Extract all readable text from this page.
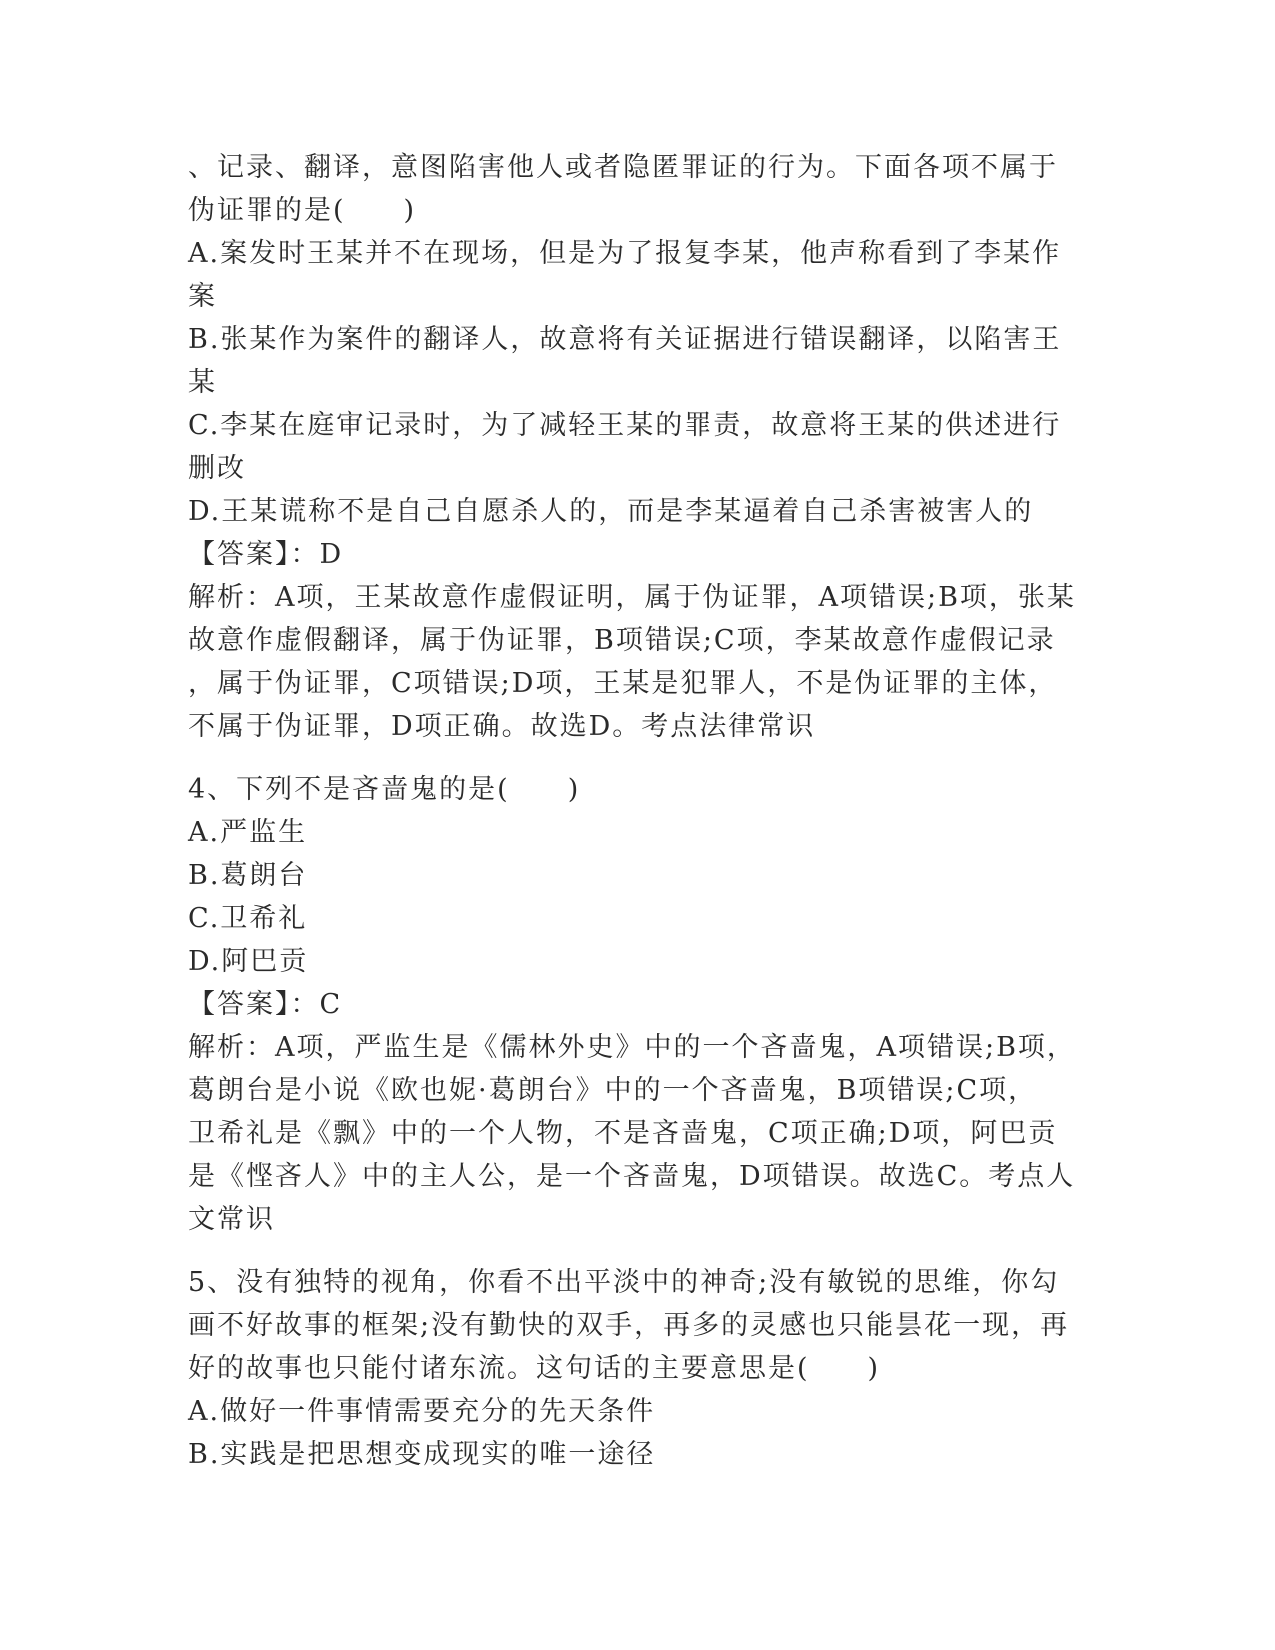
、记录、翻译，意图陷害他人或者隐匿罪证的行为。下面各项不属于
伪证罪的是(　　)
A.案发时王某并不在现场，但是为了报复李某，他声称看到了李某作
案
B.张某作为案件的翻译人，故意将有关证据进行错误翻译，以陷害王
某
C.李某在庭审记录时，为了减轻王某的罪责，故意将王某的供述进行
删改
D.王某谎称不是自己自愿杀人的，而是李某逼着自己杀害被害人的
【答案】：D
解析：A项，王某故意作虚假证明，属于伪证罪，A项错误;B项，张某
故意作虚假翻译，属于伪证罪，B项错误;C项，李某故意作虚假记录
，属于伪证罪，C项错误;D项，王某是犯罪人，不是伪证罪的主体，
不属于伪证罪，D项正确。故选D。考点法律常识
4、下列不是吝啬鬼的是(　　)
A.严监生
B.葛朗台
C.卫希礼
D.阿巴贡
【答案】：C
解析：A项，严监生是《儒林外史》中的一个吝啬鬼，A项错误;B项，
葛朗台是小说《欧也妮·葛朗台》中的一个吝啬鬼，B项错误;C项，
卫希礼是《飘》中的一个人物，不是吝啬鬼，C项正确;D项，阿巴贡
是《悭吝人》中的主人公，是一个吝啬鬼，D项错误。故选C。考点人
文常识
5、没有独特的视角，你看不出平淡中的神奇;没有敏锐的思维，你勾
画不好故事的框架;没有勤快的双手，再多的灵感也只能昙花一现，再
好的故事也只能付诸东流。这句话的主要意思是(　　)
A.做好一件事情需要充分的先天条件
B.实践是把思想变成现实的唯一途径
